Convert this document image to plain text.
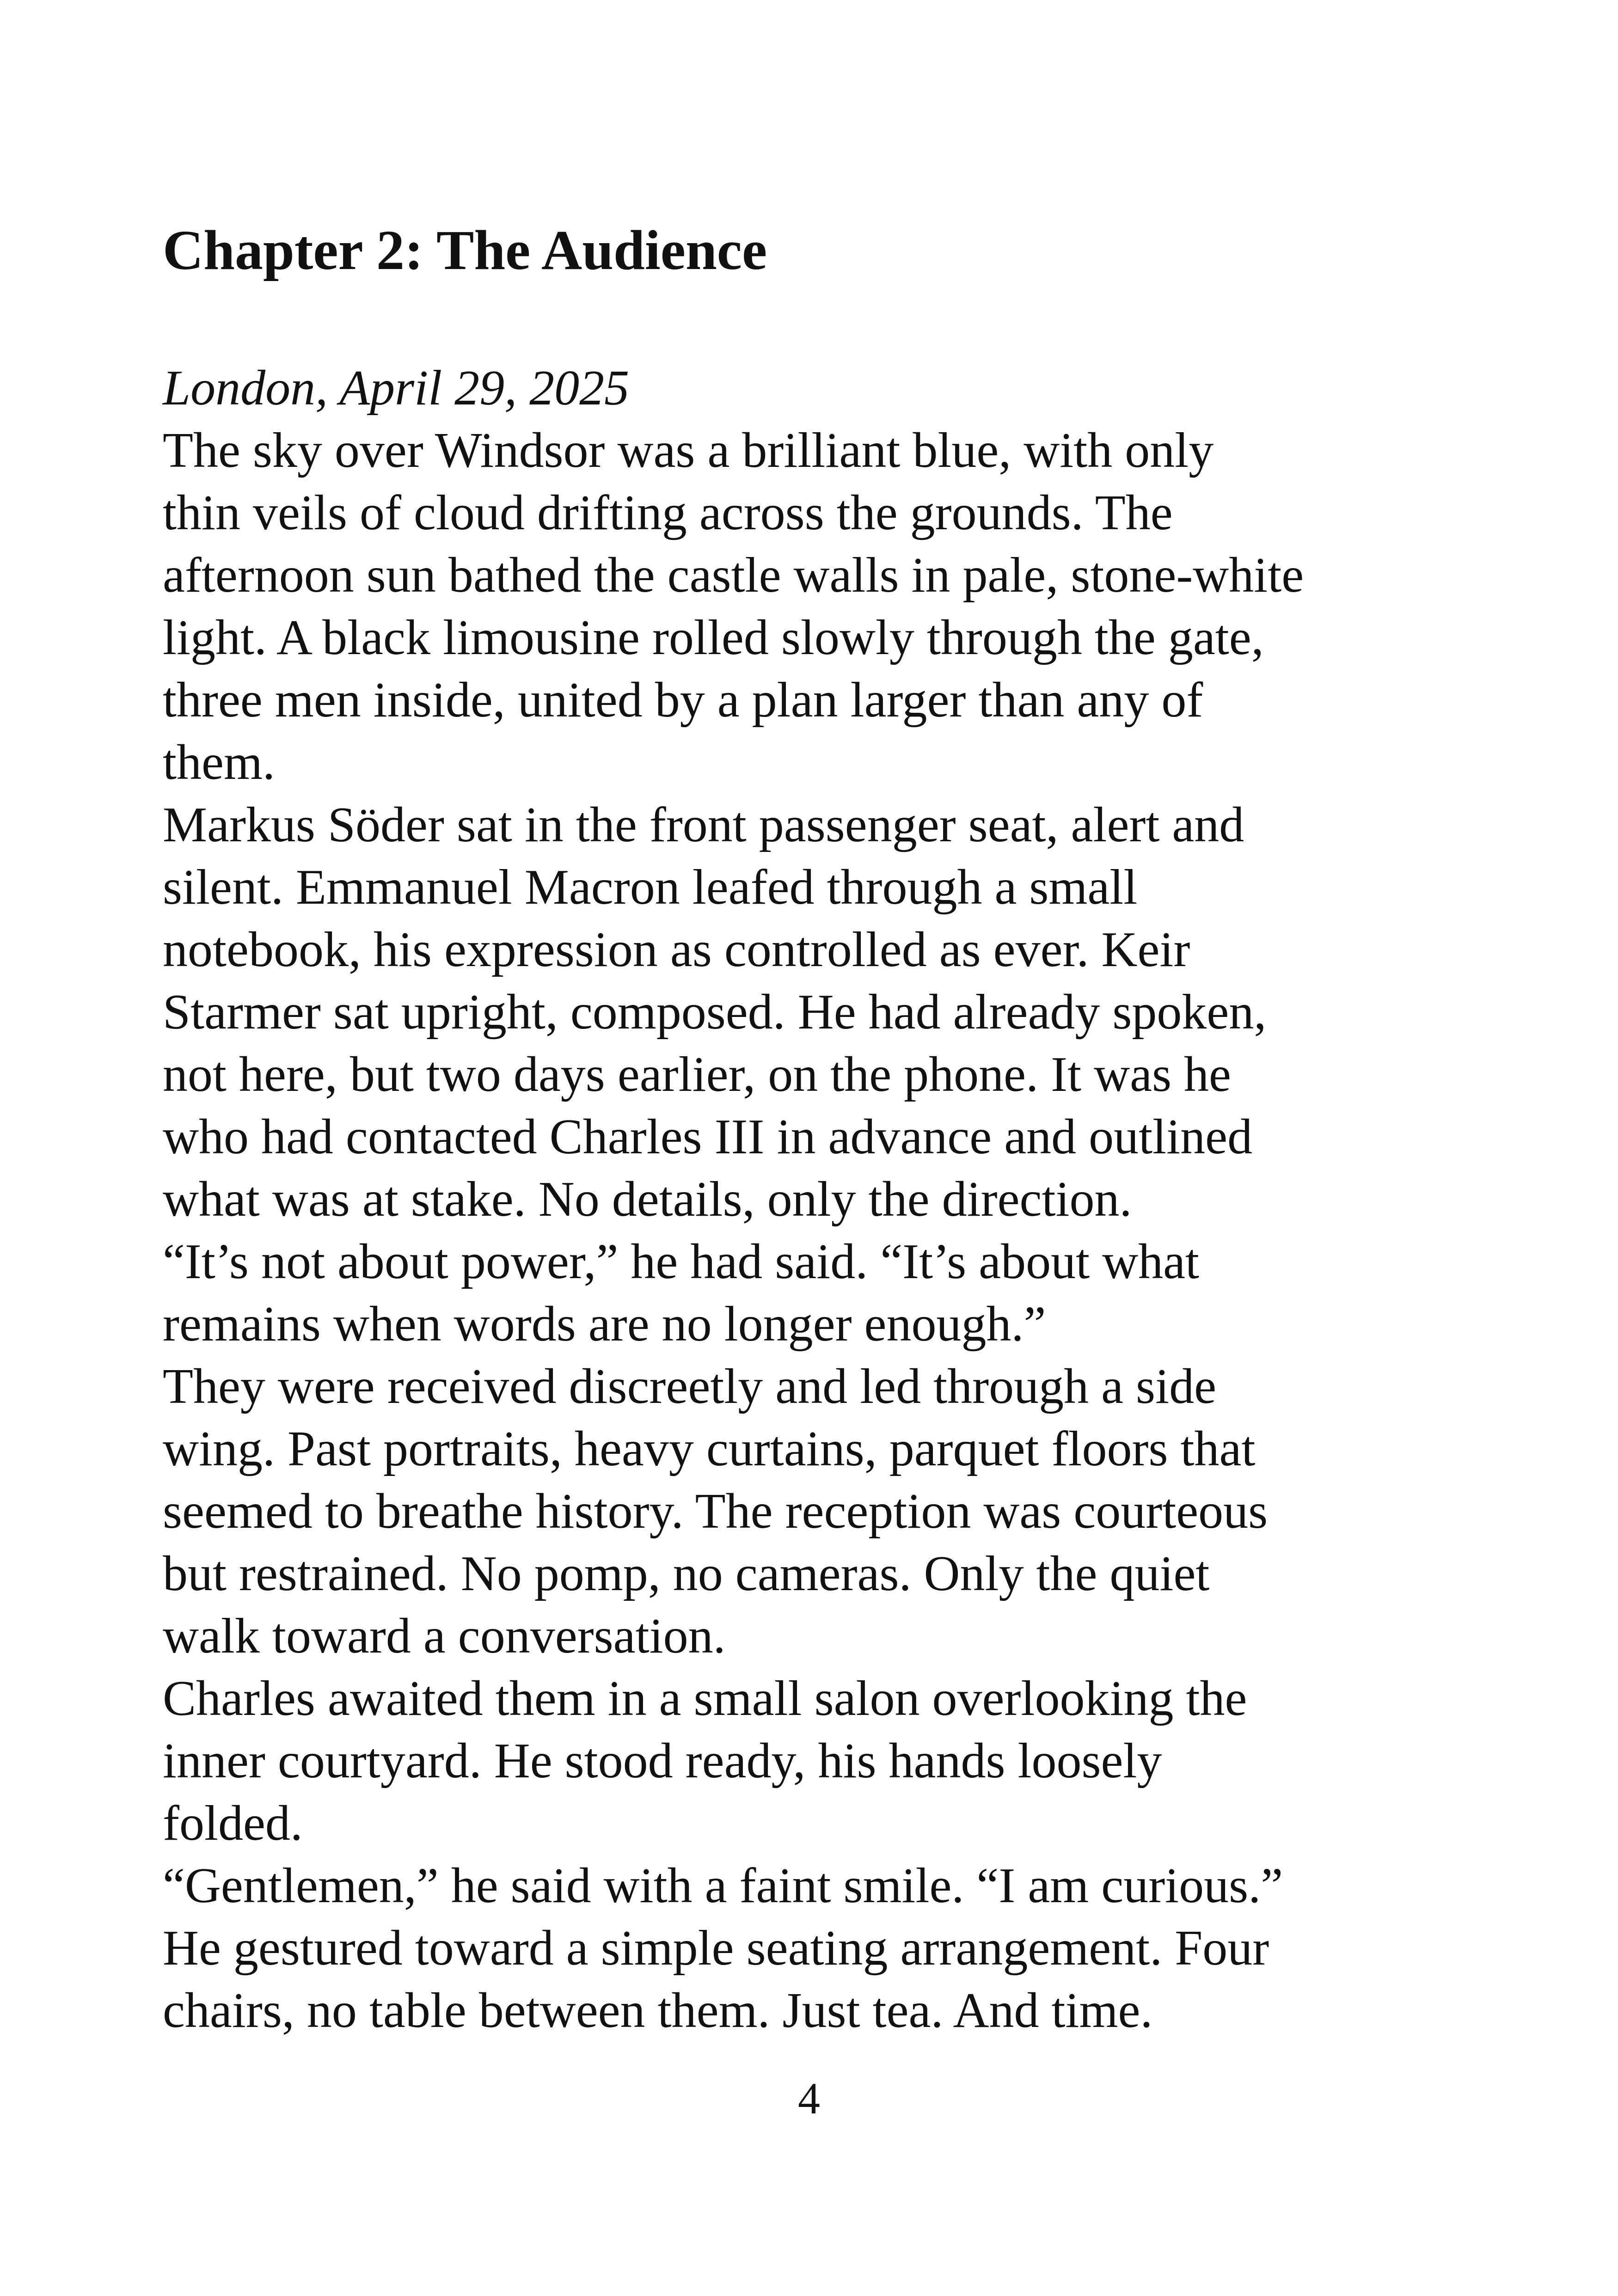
Chapter 2: The Audience

London, April 29, 2025

The sky over Windsor was a brilliant blue, with only
thin veils of cloud drifting across the grounds. The
afternoon sun bathed the castle walls in pale, stone-white
light. A black limousine rolled slowly through the gate,
three men inside, united by a plan larger than any of
them.
Markus Söder sat in the front passenger seat, alert and
silent. Emmanuel Macron leafed through a small
notebook, his expression as controlled as ever. Keir
Starmer sat upright, composed. He had already spoken,
not here, but two days earlier, on the phone. It was he
who had contacted Charles III in advance and outlined
what was at stake. No details, only the direction.
“It’s not about power,” he had said. “It’s about what
remains when words are no longer enough.”
They were received discreetly and led through a side
wing. Past portraits, heavy curtains, parquet floors that
seemed to breathe history. The reception was courteous
but restrained. No pomp, no cameras. Only the quiet
walk toward a conversation.
Charles awaited them in a small salon overlooking the
inner courtyard. He stood ready, his hands loosely
folded.
“Gentlemen,” he said with a faint smile. “I am curious.”
He gestured toward a simple seating arrangement. Four
chairs, no table between them. Just tea. And time.
4
